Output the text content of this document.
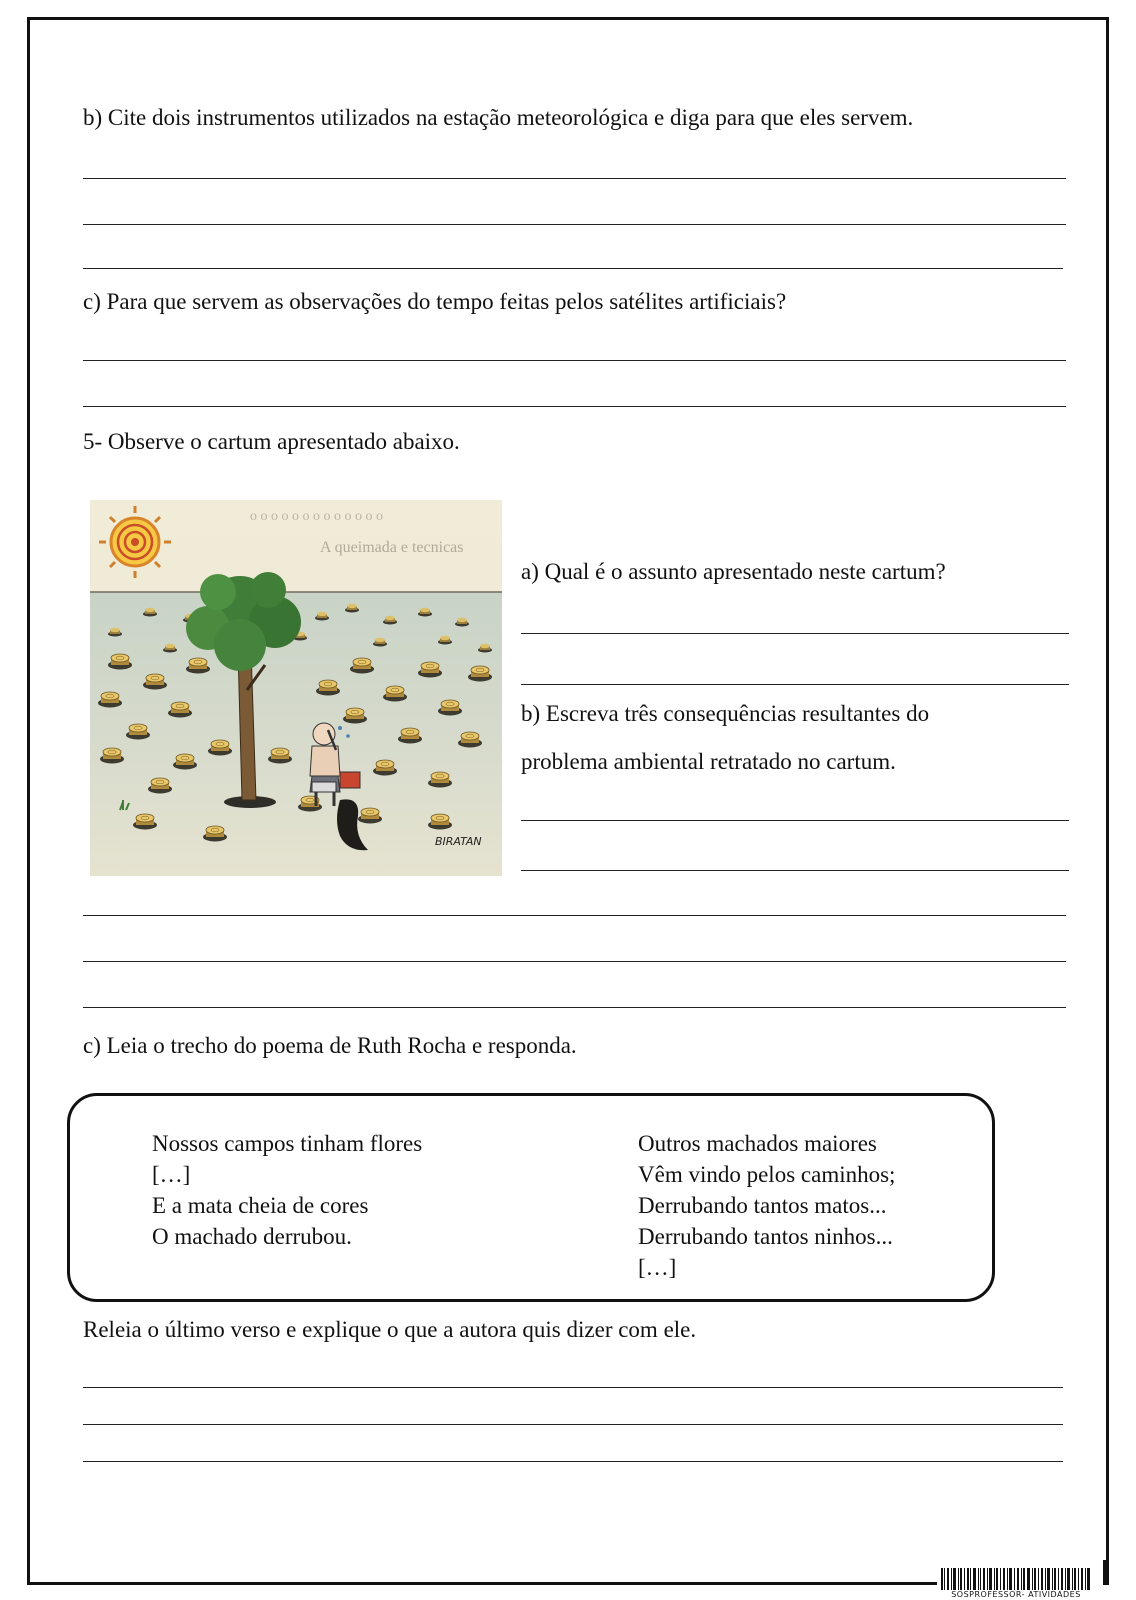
b) Cite dois instrumentos utilizados na estação meteorológica e diga para que eles servem.
c) Para que servem as observações do tempo feitas pelos satélites artificiais?
5- Observe o cartum apresentado abaixo.
o o o o o o o o o o o o o
A queimada e tecnicas
BIRATAN
a) Qual é o assunto apresentado neste cartum?
b) Escreva três consequências resultantes do
problema ambiental retratado no cartum.
c) Leia o trecho do poema de Ruth Rocha e responda.
Nossos campos tinham flores
[…]
E a mata cheia de cores
O machado derrubou.
Outros machados maiores
Vêm vindo pelos caminhos;
Derrubando tantos matos...
Derrubando tantos ninhos...
[…]
Releia o último verso e explique o que a autora quis dizer com ele.
SOSPROFESSOR- ATIVIDADES
